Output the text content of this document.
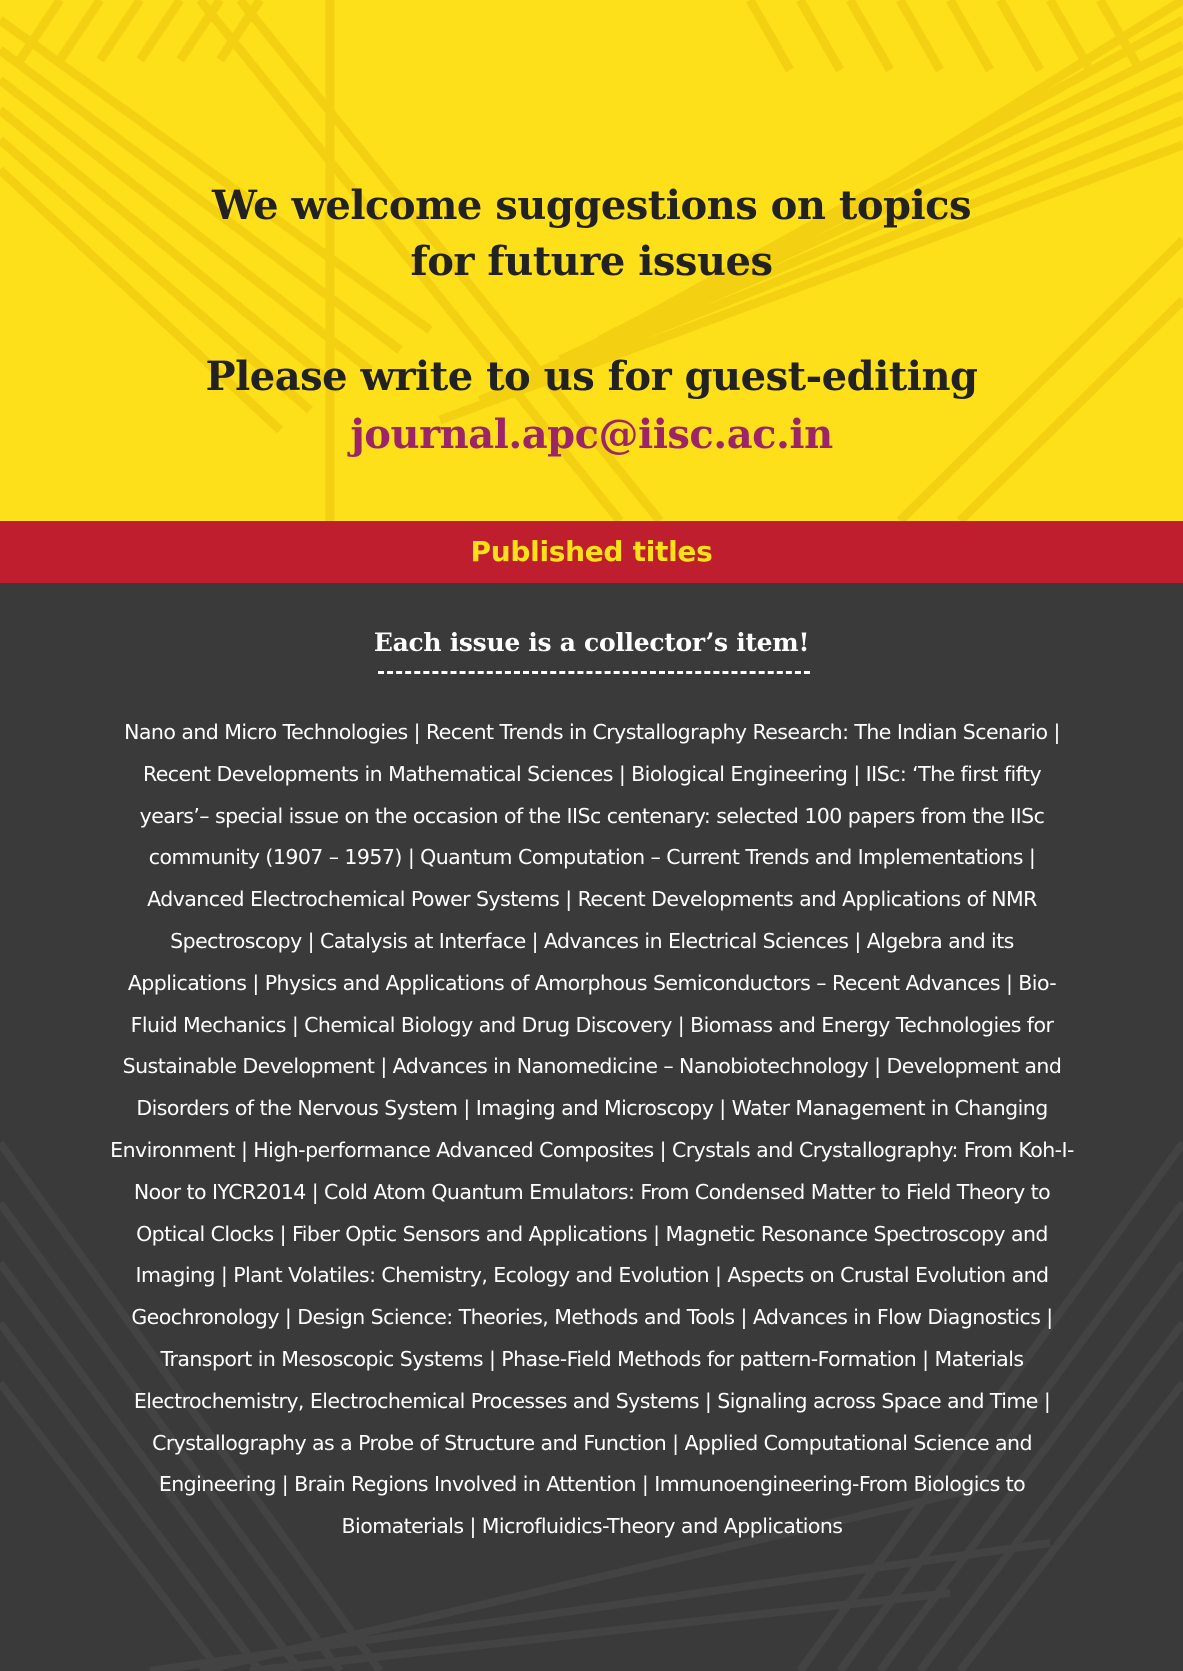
We welcome suggestions on topics
for future issues
Please write to us for guest-editing
journal.apc@iisc.ac.in
Published titles
Each issue is a collector’s item!

Nano and Micro Technologies | Recent Trends in Crystallography Research: The Indian Scenario | Recent Developments in Mathematical Sciences | Biological Engineering | IISc: ‘The first fifty years’– special issue on the occasion of the IISc centenary: selected 100 papers from the IISc community (1907 – 1957) | Quantum Computation – Current Trends and Implementations | Advanced Electrochemical Power Systems | Recent Developments and Applications of NMR Spectroscopy | Catalysis at Interface | Advances in Electrical Sciences | Algebra and its Applications | Physics and Applications of Amorphous Semiconductors – Recent Advances | Bio-Fluid Mechanics | Chemical Biology and Drug Discovery | Biomass and Energy Technologies for Sustainable Development | Advances in Nanomedicine – Nanobiotechnology | Development and Disorders of the Nervous System | Imaging and Microscopy | Water Management in Changing Environment | High-performance Advanced Composites | Crystals and Crystallography: From Koh-I-Noor to IYCR2014 | Cold Atom Quantum Emulators: From Condensed Matter to Field Theory to Optical Clocks | Fiber Optic Sensors and Applications | Magnetic Resonance Spectroscopy and Imaging | Plant Volatiles: Chemistry, Ecology and Evolution | Aspects on Crustal Evolution and Geochronology | Design Science: Theories, Methods and Tools | Advances in Flow Diagnostics | Transport in Mesoscopic Systems | Phase-Field Methods for pattern-Formation | Materials Electrochemistry, Electrochemical Processes and Systems | Signaling across Space and Time | Crystallography as a Probe of Structure and Function | Applied Computational Science and Engineering | Brain Regions Involved in Attention | Immunoengineering-From Biologics to Biomaterials | Microfluidics-Theory and Applications
